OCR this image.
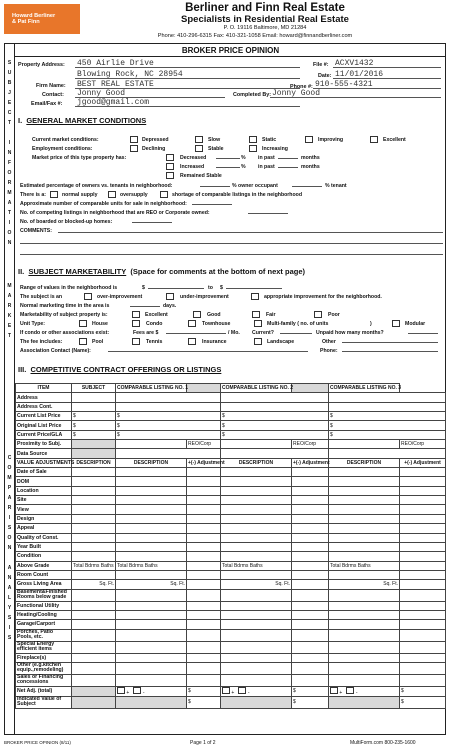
Howard Berliner
& Pat Finn
Berliner and Finn Real Estate
Specialists in Residential Real Estate
P. O. 19116 Baltimore, MD 21284
Phone: 410-296-6315 Fax: 410-321-1058 Email: howard@finnandberliner.com
S
U
B
J
E
C
T
I
N
F
O
R
M
A
T
I
O
N
M
A
R
K
E
T
C
O
M
P
A
R
I
S
O
N
A
N
A
L
Y
S
I
S
BROKER PRICE OPINION
Property Address: 450 Airlie Drive
Blowing Rock, NC 28954
File #: ACXV1432
Date: 11/01/2016
Firm Name: BEST REAL ESTATE	Phone #: 910-555-4321
Contact: Jonny Good	Completed By: Jonny Good
Email/Fax #: jgood@gmail.com
I. GENERAL MARKET CONDITIONS
Current market conditions:	Depressed	Slow	Static	Improving	Excellent
Employment conditions:	Declining	Stable	Increasing
Market price of this type property has:	Decreased	% in past	months
Increased	% in past	months
Remained Stable
Estimated percentage of owners vs. tenants in neighborhood:	% owner occupant	% tenant
There is a:	normal supply	oversupply	shortage of comparable listings in the neighborhood
Approximate number of comparable units for sale in neighborhood:
No. of competing listings in neighborhood that are REO or Corporate owned:
No. of boarded or blocked-up homes:
COMMENTS:
II. SUBJECT MARKETABILITY (Space for comments at the bottom of next page)
Range of values in the neighborhood is	$	to $
The subject is an	over-improvement	under-improvement	appropriate improvement for the neighborhood.
Normal marketing time in the area is	days.
Marketability of subject property is:	Excellent	Good	Fair	Poor
Unit Type:	House	Condo	Townhouse	Multi-family ( no. of units	)	Modular
If condo or other associations exist:	Fees are $	/ Mo. Current?	Unpaid how many months?
The fee includes:	Pool	Tennis	Insurance	Landscape	Other
Association Contact (Name):	Phone:
III. COMPETITIVE CONTRACT OFFERINGS OR LISTINGS
ITEM	SUBJECT	COMPARABLE LISTING NO. 1		COMPARABLE LISTING NO. 2		COMPARABLE LISTING NO. 3	
Address							
Address Cont.							
Current List Price	$	$		$		$	
Original List Price	$	$		$		$	
Current Price/GLA	$	$		$		$	
Proximity to Subj.			REO/Corp		REO/Corp		REO/Corp
Data Source							
VALUE ADJUSTMENTS	DESCRIPTION	DESCRIPTION	+(-) Adjustment	DESCRIPTION	+(-) Adjustment	DESCRIPTION	+(-) Adjustment
Date of Sale							
DOM							
Location							
Site							
View							
Design							
Appeal							
Quality of Const.							
Year Built							
Condition							
Above Grade	Total Bdrms Baths	Total Bdrms Baths		Total Bdrms Baths		Total Bdrms Baths	
Room Count							
Gross Living Area	Sq. Ft.	Sq. Ft.		Sq. Ft.		Sq. Ft.	

Basement&Finished Rooms below grade							
Functional Utility							
Heating/Cooling							
Garage/Carport							
Porches, Patio Pools, etc.							
Special Energy efficient items							
Fireplace(s)							
Other (e.g.kitchen equip.,remodeling)							
Sales or Financing concessions							
Net Adj. (total)		+ -	$	+ -	$	+ -	$
Indicated Value of Subject			$		$		$
BROKER PRICE OPINION (8/11)	Page 1 of 2	MultiForm.com 800-235-1600
